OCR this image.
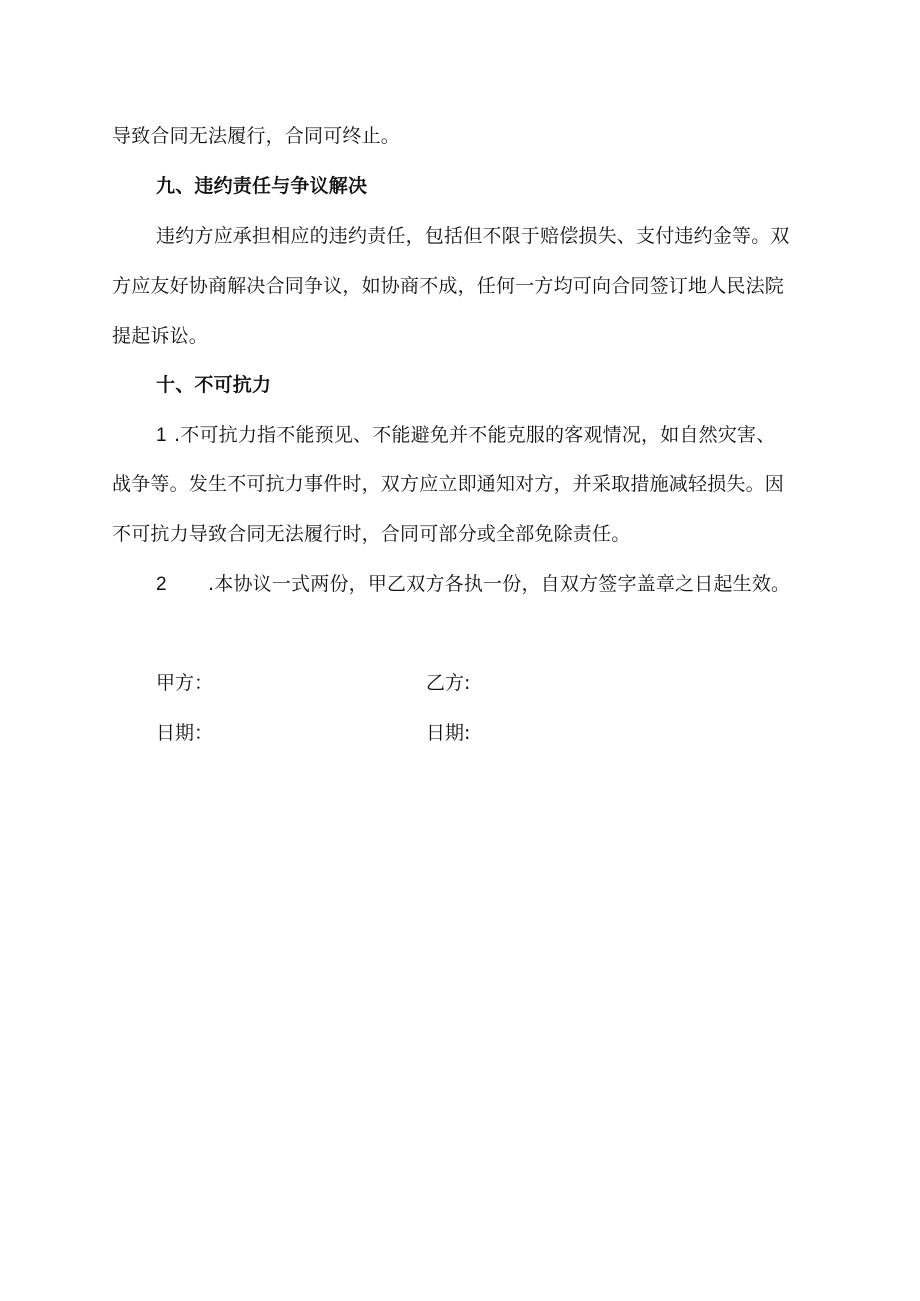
导致合同无法履行，合同可终止。
九、违约责任与争议解决
违约方应承担相应的违约责任，包括但不限于赔偿损失、支付违约金等。双
方应友好协商解决合同争议，如协商不成，任何一方均可向合同签订地人民法院
提起诉讼。
十、不可抗力
1 .不可抗力指不能预见、不能避免并不能克服的客观情况，如自然灾害、
战争等。发生不可抗力事件时，双方应立即通知对方，并采取措施减轻损失。因
不可抗力导致合同无法履行时，合同可部分或全部免除责任。
2 .本协议一式两份，甲乙双方各执一份，自双方签字盖章之日起生效。
甲方：	乙方:
日期：	日期:
